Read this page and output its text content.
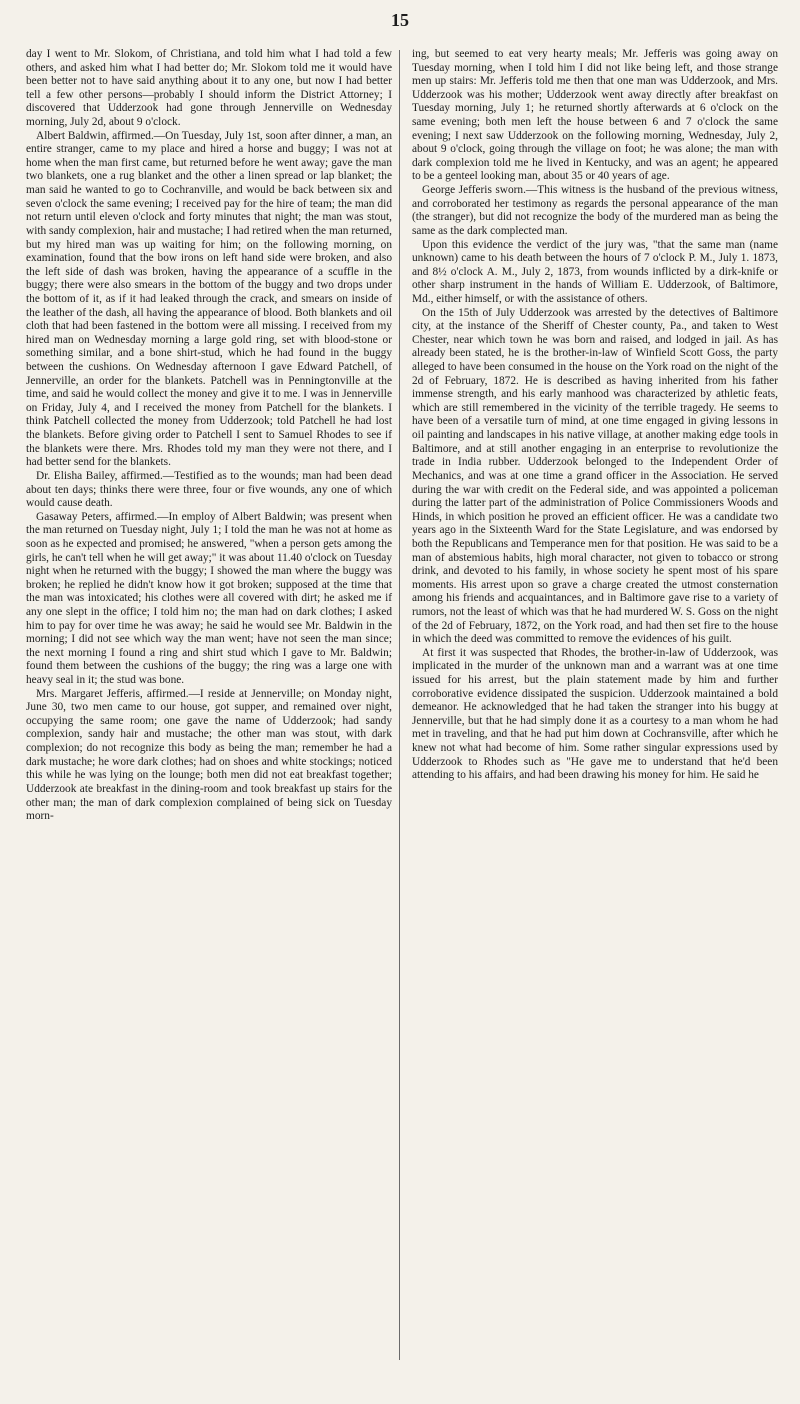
15

day I went to Mr. Slokom, of Christiana, and told him what I had told a few others, and asked him what I had better do; Mr. Slokom told me it would have been better not to have said anything about it to any one, but now I had better tell a few other persons—probably I should inform the District Attorney; I discovered that Udderzook had gone through Jennerville on Wednesday morning, July 2d, about 9 o'clock.

Albert Baldwin, affirmed.—On Tuesday, July 1st, soon after dinner, a man, an entire stranger, came to my place and hired a horse and buggy; I was not at home when the man first came, but returned before he went away; gave the man two blankets, one a rug blanket and the other a linen spread or lap blanket; the man said he wanted to go to Cochranville, and would be back between six and seven o'clock the same evening; I received pay for the hire of team; the man did not return until eleven o'clock and forty minutes that night; the man was stout, with sandy complexion, hair and mustache; I had retired when the man returned, but my hired man was up waiting for him; on the following morning, on examination, found that the bow irons on left hand side were broken, and also the left side of dash was broken, having the appearance of a scuffle in the buggy; there were also smears in the bottom of the buggy and two drops under the bottom of it, as if it had leaked through the crack, and smears on inside of the leather of the dash, all having the appearance of blood. Both blankets and oil cloth that had been fastened in the bottom were all missing. I received from my hired man on Wednesday morning a large gold ring, set with blood-stone or something similar, and a bone shirt-stud, which he had found in the buggy between the cushions. On Wednesday afternoon I gave Edward Patchell, of Jennerville, an order for the blankets. Patchell was in Penningtonville at the time, and said he would collect the money and give it to me. I was in Jennerville on Friday, July 4, and I received the money from Patchell for the blankets. I think Patchell collected the money from Udderzook; told Patchell he had lost the blankets. Before giving order to Patchell I sent to Samuel Rhodes to see if the blankets were there. Mrs. Rhodes told my man they were not there, and I had better send for the blankets.

Dr. Elisha Bailey, affirmed.—Testified as to the wounds; man had been dead about ten days; thinks there were three, four or five wounds, any one of which would cause death.

Gasaway Peters, affirmed.—In employ of Albert Baldwin; was present when the man returned on Tuesday night, July 1; I told the man he was not at home as soon as he expected and promised; he answered, "when a person gets among the girls, he can't tell when he will get away;" it was about 11.40 o'clock on Tuesday night when he returned with the buggy; I showed the man where the buggy was broken; he replied he didn't know how it got broken; supposed at the time that the man was intoxicated; his clothes were all covered with dirt; he asked me if any one slept in the office; I told him no; the man had on dark clothes; I asked him to pay for over time he was away; he said he would see Mr. Baldwin in the morning; I did not see which way the man went; have not seen the man since; the next morning I found a ring and shirt stud which I gave to Mr. Baldwin; found them between the cushions of the buggy; the ring was a large one with heavy seal in it; the stud was bone.

Mrs. Margaret Jefferis, affirmed.—I reside at Jennerville; on Monday night, June 30, two men came to our house, got supper, and remained over night, occupying the same room; one gave the name of Udderzook; had sandy complexion, sandy hair and mustache; the other man was stout, with dark complexion; do not recognize this body as being the man; remember he had a dark mustache; he wore dark clothes; had on shoes and white stockings; noticed this while he was lying on the lounge; both men did not eat breakfast together; Udderzook ate breakfast in the dining-room and took breakfast up stairs for the other man; the man of dark complexion complained of being sick on Tuesday morn-

ing, but seemed to eat very hearty meals; Mr. Jefferis was going away on Tuesday morning, when I told him I did not like being left, and those strange men up stairs: Mr. Jefferis told me then that one man was Udderzook, and Mrs. Udderzook was his mother; Udderzook went away directly after breakfast on Tuesday morning, July 1; he returned shortly afterwards at 6 o'clock on the same evening; both men left the house between 6 and 7 o'clock the same evening; I next saw Udderzook on the following morning, Wednesday, July 2, about 9 o'clock, going through the village on foot; he was alone; the man with dark complexion told me he lived in Kentucky, and was an agent; he appeared to be a genteel looking man, about 35 or 40 years of age.

George Jefferis sworn.—This witness is the husband of the previous witness, and corroborated her testimony as regards the personal appearance of the man (the stranger), but did not recognize the body of the murdered man as being the same as the dark complected man.

Upon this evidence the verdict of the jury was, "that the same man (name unknown) came to his death between the hours of 7 o'clock P. M., July 1. 1873, and 8½ o'clock A. M., July 2, 1873, from wounds inflicted by a dirk-knife or other sharp instrument in the hands of William E. Udderzook, of Baltimore, Md., either himself, or with the assistance of others.

On the 15th of July Udderzook was arrested by the detectives of Baltimore city, at the instance of the Sheriff of Chester county, Pa., and taken to West Chester, near which town he was born and raised, and lodged in jail. As has already been stated, he is the brother-in-law of Winfield Scott Goss, the party alleged to have been consumed in the house on the York road on the night of the 2d of February, 1872. He is described as having inherited from his father immense strength, and his early manhood was characterized by athletic feats, which are still remembered in the vicinity of the terrible tragedy. He seems to have been of a versatile turn of mind, at one time engaged in giving lessons in oil painting and landscapes in his native village, at another making edge tools in Baltimore, and at still another engaging in an enterprise to revolutionize the trade in India rubber. Udderzook belonged to the Independent Order of Mechanics, and was at one time a grand officer in the Association. He served during the war with credit on the Federal side, and was appointed a policeman during the latter part of the administration of Police Commissioners Woods and Hinds, in which position he proved an efficient officer. He was a candidate two years ago in the Sixteenth Ward for the State Legislature, and was endorsed by both the Republicans and Temperance men for that position. He was said to be a man of abstemious habits, high moral character, not given to tobacco or strong drink, and devoted to his family, in whose society he spent most of his spare moments. His arrest upon so grave a charge created the utmost consternation among his friends and acquaintances, and in Baltimore gave rise to a variety of rumors, not the least of which was that he had murdered W. S. Goss on the night of the 2d of February, 1872, on the York road, and had then set fire to the house in which the deed was committed to remove the evidences of his guilt.

At first it was suspected that Rhodes, the brother-in-law of Udderzook, was implicated in the murder of the unknown man and a warrant was at one time issued for his arrest, but the plain statement made by him and further corroborative evidence dissipated the suspicion. Udderzook maintained a bold demeanor. He acknowledged that he had taken the stranger into his buggy at Jennerville, but that he had simply done it as a courtesy to a man whom he had met in traveling, and that he had put him down at Cochransville, after which he knew not what had become of him. Some rather singular expressions used by Udderzook to Rhodes such as "He gave me to understand that he'd been attending to his affairs, and had been drawing his money for him. He said he
